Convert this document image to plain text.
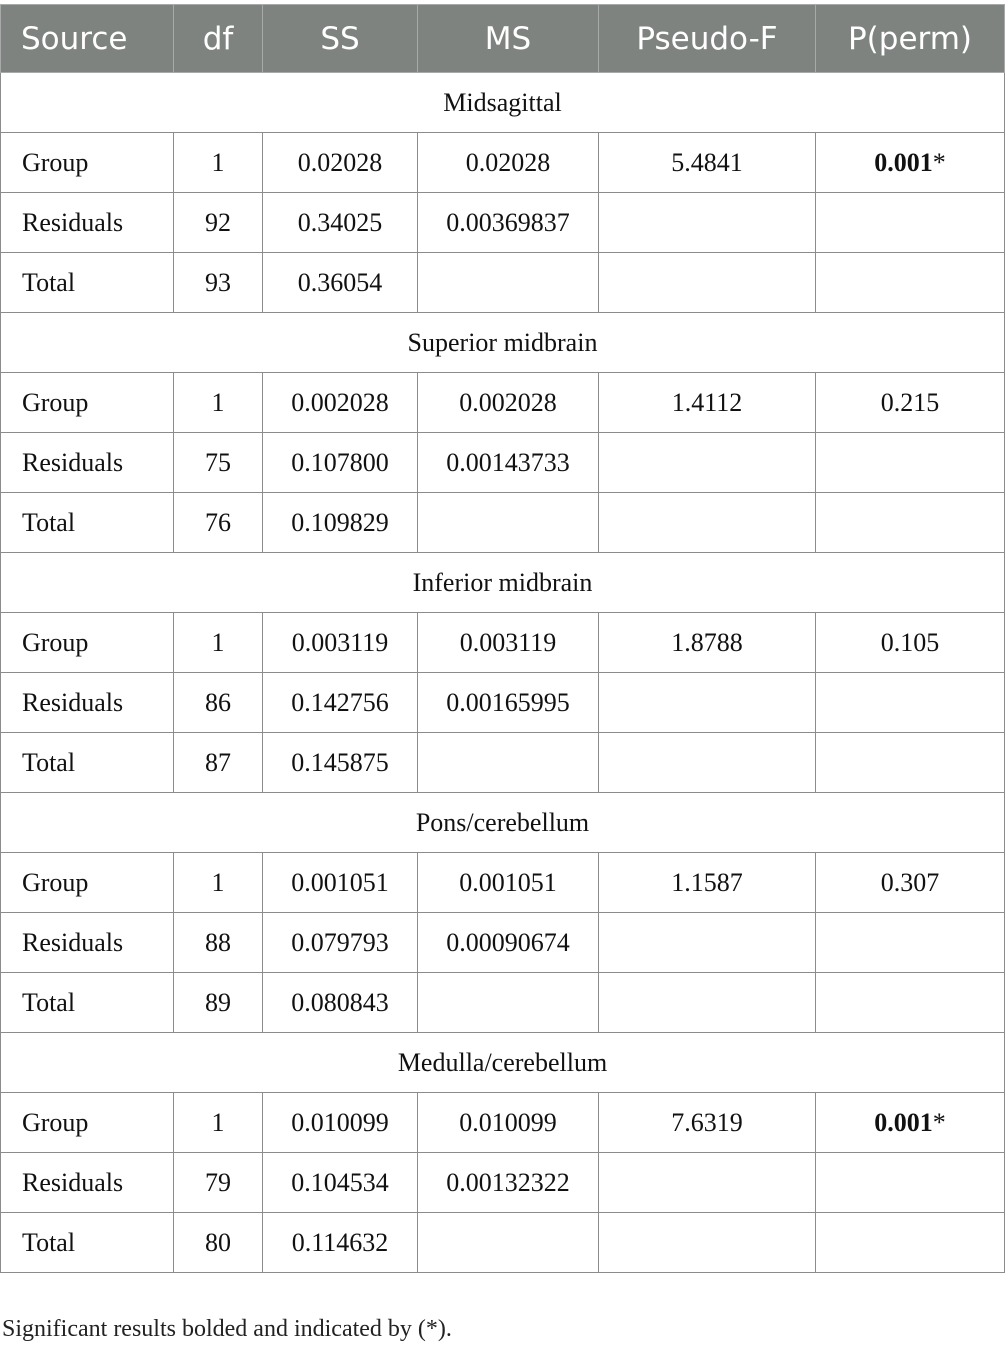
Source	df	SS	MS	Pseudo-F	P(perm)
Midsagittal					
Group	1	0.02028	0.02028	5.4841	0.001*
Residuals	92	0.34025	0.00369837		
Total	93	0.36054			
Superior midbrain					
Group	1	0.002028	0.002028	1.4112	0.215
Residuals	75	0.107800	0.00143733		
Total	76	0.109829			
Inferior midbrain					
Group	1	0.003119	0.003119	1.8788	0.105
Residuals	86	0.142756	0.00165995		
Total	87	0.145875			
Pons/cerebellum					
Group	1	0.001051	0.001051	1.1587	0.307
Residuals	88	0.079793	0.00090674		
Total	89	0.080843			
Medulla/cerebellum					
Group	1	0.010099	0.010099	7.6319	0.001*
Residuals	79	0.104534	0.00132322		
Total	80	0.114632			
Significant results bolded and indicated by (*).
